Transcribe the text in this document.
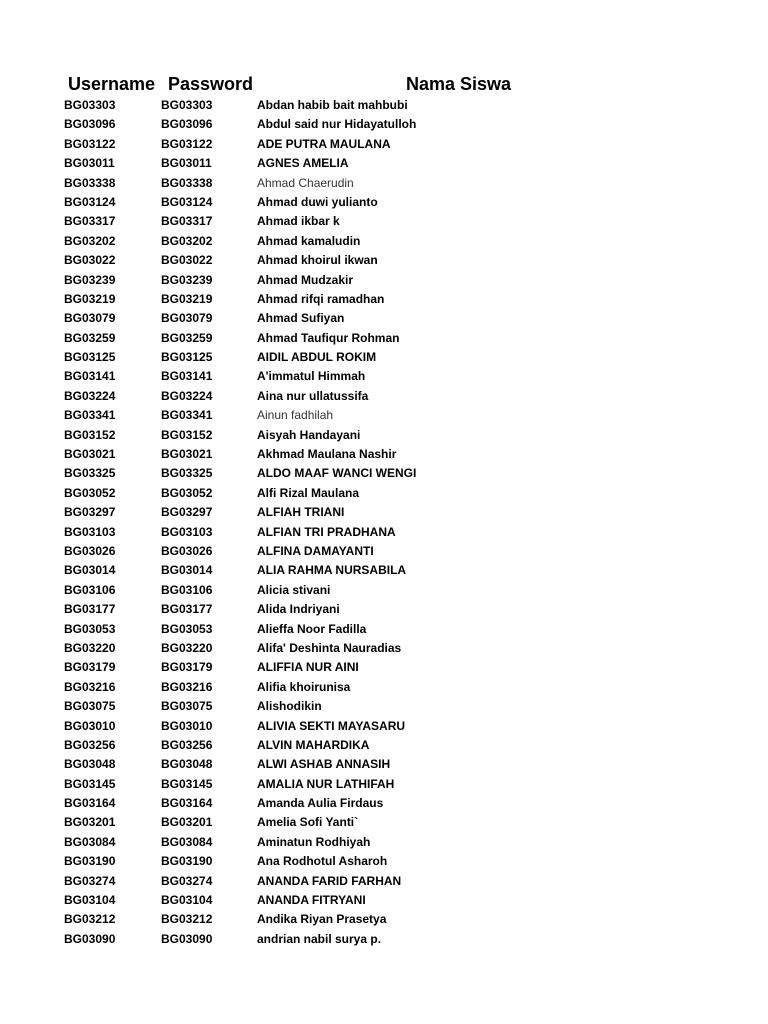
Username Password	Nama Siswa
BG03303	BG03303	Abdan habib bait mahbubi
BG03096	BG03096	Abdul said nur Hidayatulloh
BG03122	BG03122	ADE PUTRA MAULANA
BG03011	BG03011	AGNES AMELIA
BG03338	BG03338	Ahmad Chaerudin
BG03124	BG03124	Ahmad duwi yulianto
BG03317	BG03317	Ahmad ikbar k
BG03202	BG03202	Ahmad kamaludin
BG03022	BG03022	Ahmad khoirul ikwan
BG03239	BG03239	Ahmad Mudzakir
BG03219	BG03219	Ahmad rifqi ramadhan
BG03079	BG03079	Ahmad Sufiyan
BG03259	BG03259	Ahmad Taufiqur Rohman
BG03125	BG03125	AIDIL ABDUL ROKIM
BG03141	BG03141	A'immatul Himmah
BG03224	BG03224	Aina nur ullatussifa
BG03341	BG03341	Ainun fadhilah
BG03152	BG03152	Aisyah Handayani
BG03021	BG03021	Akhmad Maulana Nashir
BG03325	BG03325	ALDO MAAF WANCI WENGI
BG03052	BG03052	Alfi Rizal Maulana
BG03297	BG03297	ALFIAH TRIANI
BG03103	BG03103	ALFIAN TRI PRADHANA
BG03026	BG03026	ALFINA DAMAYANTI
BG03014	BG03014	ALIA RAHMA NURSABILA
BG03106	BG03106	Alicia stivani
BG03177	BG03177	Alida Indriyani
BG03053	BG03053	Alieffa Noor Fadilla
BG03220	BG03220	Alifa' Deshinta Nauradias
BG03179	BG03179	ALIFFIA NUR AINI
BG03216	BG03216	Alifia khoirunisa
BG03075	BG03075	Alishodikin
BG03010	BG03010	ALIVIA SEKTI MAYASARU
BG03256	BG03256	ALVIN MAHARDIKA
BG03048	BG03048	ALWI ASHAB ANNASIH
BG03145	BG03145	AMALIA NUR LATHIFAH
BG03164	BG03164	Amanda Aulia Firdaus
BG03201	BG03201	Amelia Sofi Yanti`
BG03084	BG03084	Aminatun Rodhiyah
BG03190	BG03190	Ana Rodhotul Asharoh
BG03274	BG03274	ANANDA FARID FARHAN
BG03104	BG03104	ANANDA FITRYANI
BG03212	BG03212	Andika Riyan Prasetya
BG03090	BG03090	andrian nabil surya p.
